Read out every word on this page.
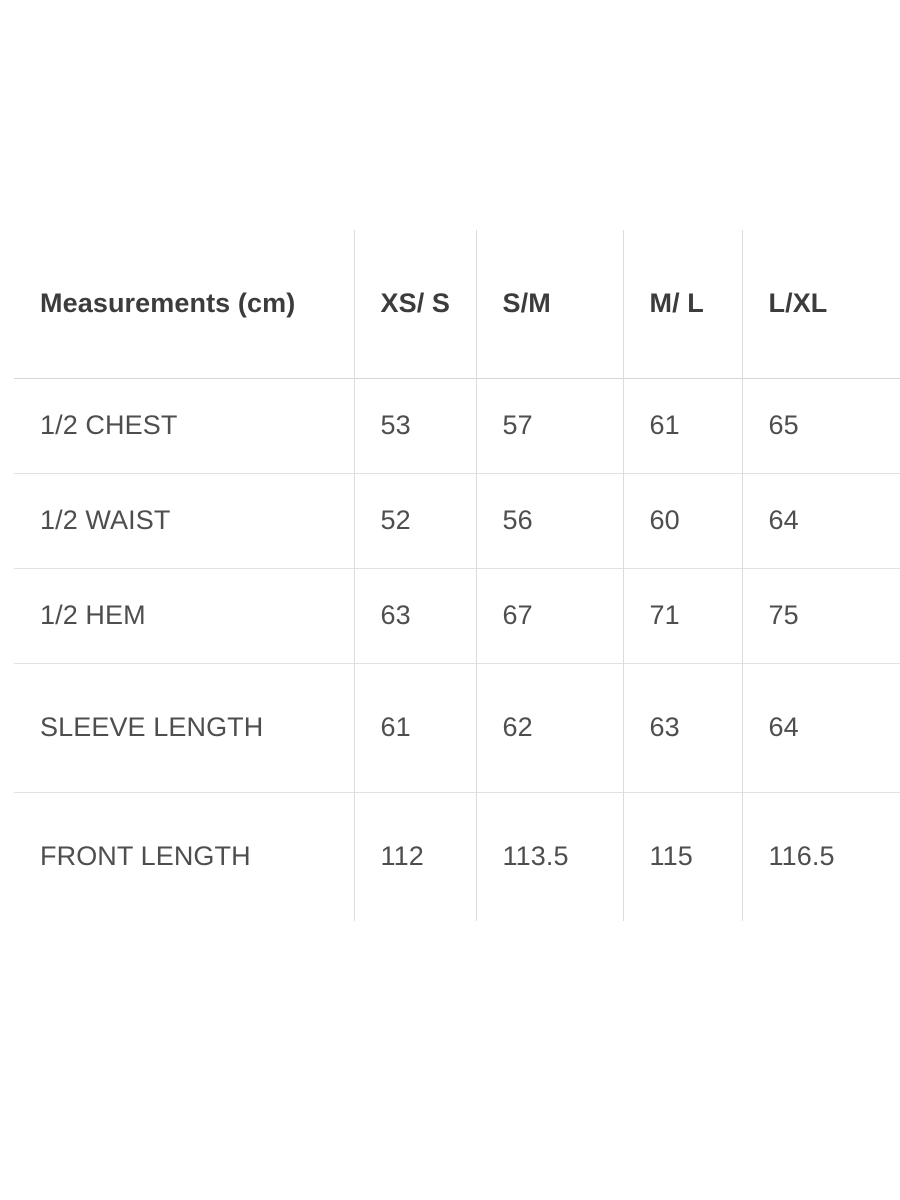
Measurements (cm)	XS/ S	S/M	M/ L	L/XL
1/2 CHEST	53	57	61	65
1/2 WAIST	52	56	60	64
1/2 HEM	63	67	71	75
SLEEVE LENGTH	61	62	63	64
FRONT LENGTH	112	113.5	115	116.5
